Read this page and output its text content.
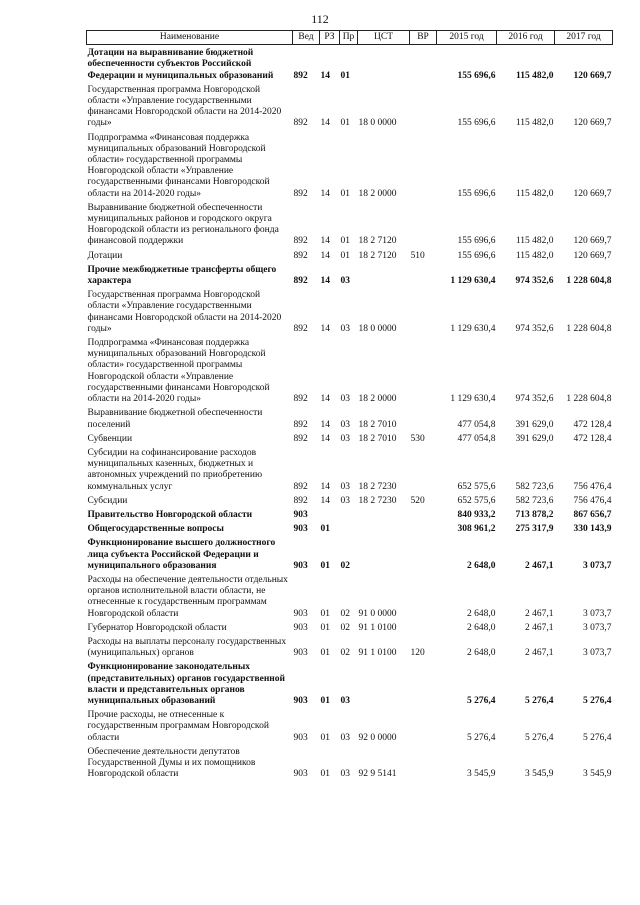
112
Наименование	Вед	РЗ	Пр	ЦСТ	ВР	2015 год	2016 год	2017 год
Дотации на выравнивание бюджетной обеспеченности субъектов Российской Федерации и муниципальных образований	892	14	01			155 696,6	115 482,0	120 669,7
Государственная программа Новгородской области «Управление государственными финансами Новгородской области на 2014-2020 годы»	892	14	01	18 0 0000		155 696,6	115 482,0	120 669,7
Подпрограмма «Финансовая поддержка муниципальных образований Новгородской области» государственной программы Новгородской области «Управление государственными финансами Новгородской области на 2014-2020 годы»	892	14	01	18 2 0000		155 696,6	115 482,0	120 669,7
Выравнивание бюджетной обеспеченности муниципальных районов и городского округа Новгородской области из регионального фонда финансовой поддержки	892	14	01	18 2 7120		155 696,6	115 482,0	120 669,7
Дотации	892	14	01	18 2 7120	510	155 696,6	115 482,0	120 669,7
Прочие межбюджетные трансферты общего характера	892	14	03			1 129 630,4	974 352,6	1 228 604,8
Государственная программа Новгородской области «Управление государственными финансами Новгородской области на 2014-2020 годы»	892	14	03	18 0 0000		1 129 630,4	974 352,6	1 228 604,8
Подпрограмма «Финансовая поддержка муниципальных образований Новгородской области» государственной программы Новгородской области «Управление государственными финансами Новгородской области на 2014-2020 годы»	892	14	03	18 2 0000		1 129 630,4	974 352,6	1 228 604,8
Выравнивание бюджетной обеспеченности поселений	892	14	03	18 2 7010		477 054,8	391 629,0	472 128,4
Субвенции	892	14	03	18 2 7010	530	477 054,8	391 629,0	472 128,4
Субсидии на софинансирование расходов муниципальных казенных, бюджетных и автономных учреждений по приобретению коммунальных услуг	892	14	03	18 2 7230		652 575,6	582 723,6	756 476,4
Субсидии	892	14	03	18 2 7230	520	652 575,6	582 723,6	756 476,4
Правительство Новгородской области	903					840 933,2	713 878,2	867 656,7
Общегосударственные вопросы	903	01				308 961,2	275 317,9	330 143,9
Функционирование высшего должностного лица субъекта Российской Федерации и муниципального образования	903	01	02			2 648,0	2 467,1	3 073,7
Расходы на обеспечение деятельности отдельных органов исполнительной власти области, не отнесенные к государственным программам Новгородской области	903	01	02	91 0 0000		2 648,0	2 467,1	3 073,7
Губернатор Новгородской области	903	01	02	91 1 0100		2 648,0	2 467,1	3 073,7
Расходы на выплаты персоналу государственных (муниципальных) органов	903	01	02	91 1 0100	120	2 648,0	2 467,1	3 073,7
Функционирование законодательных (представительных) органов государственной власти и представительных органов муниципальных образований	903	01	03			5 276,4	5 276,4	5 276,4
Прочие расходы, не отнесенные к государственным программам Новгородской области	903	01	03	92 0 0000		5 276,4	5 276,4	5 276,4
Обеспечение деятельности депутатов Государственной Думы и их помощников Новгородской области	903	01	03	92 9 5141		3 545,9	3 545,9	3 545,9
